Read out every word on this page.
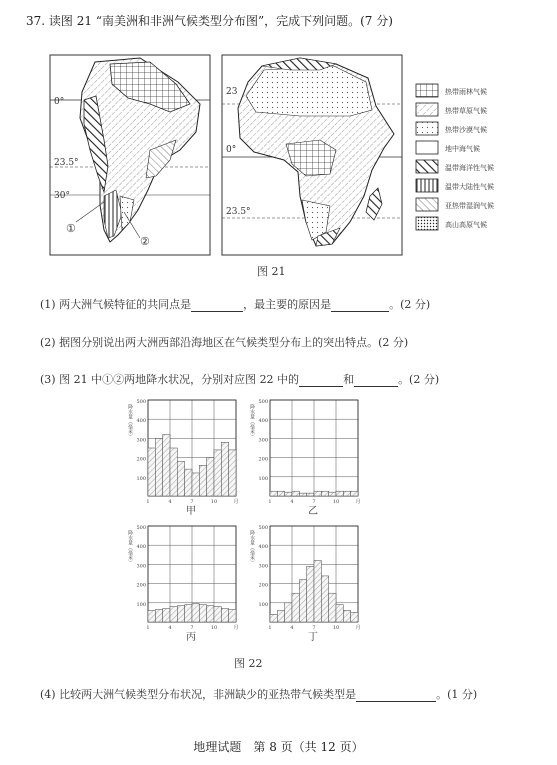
37. 读图 21 “南美洲和非洲气候类型分布图”，完成下列问题。(7 分)
0°
23.5°
30°
①
②
23
0°
23.5°
热带雨林气候
热带草原气候
热带沙漠气候
地中海气候
温带海洋性气候
温带大陆性气候
亚热带湿润气候
高山高原气候
图 21
(1) 两大洲气候特征的共同点是	，最主要的原因是	。(2 分)
(2) 据图分别说出两大洲西部沿海地区在气候类型分布上的突出特点。(2 分)
(3) 图 21 中①②两地降水状况，分别对应图 22 中的	和	。(2 分)
500
400
300
200
100
1	4	7	10	月
降水量（毫米）
甲
500
400
300
200
100
1	4	7	10	月
降水量（毫米）
乙
500
400
300
200
100
1	4	7	10	月
降水量（毫米）
丙
500
400
300
200
100
1	4	7	10	月
降水量（毫米）
丁
图 22
(4) 比较两大洲气候类型分布状况，非洲缺少的亚热带气候类型是	。(1 分)
地理试题　第 8 页（共 12 页）
